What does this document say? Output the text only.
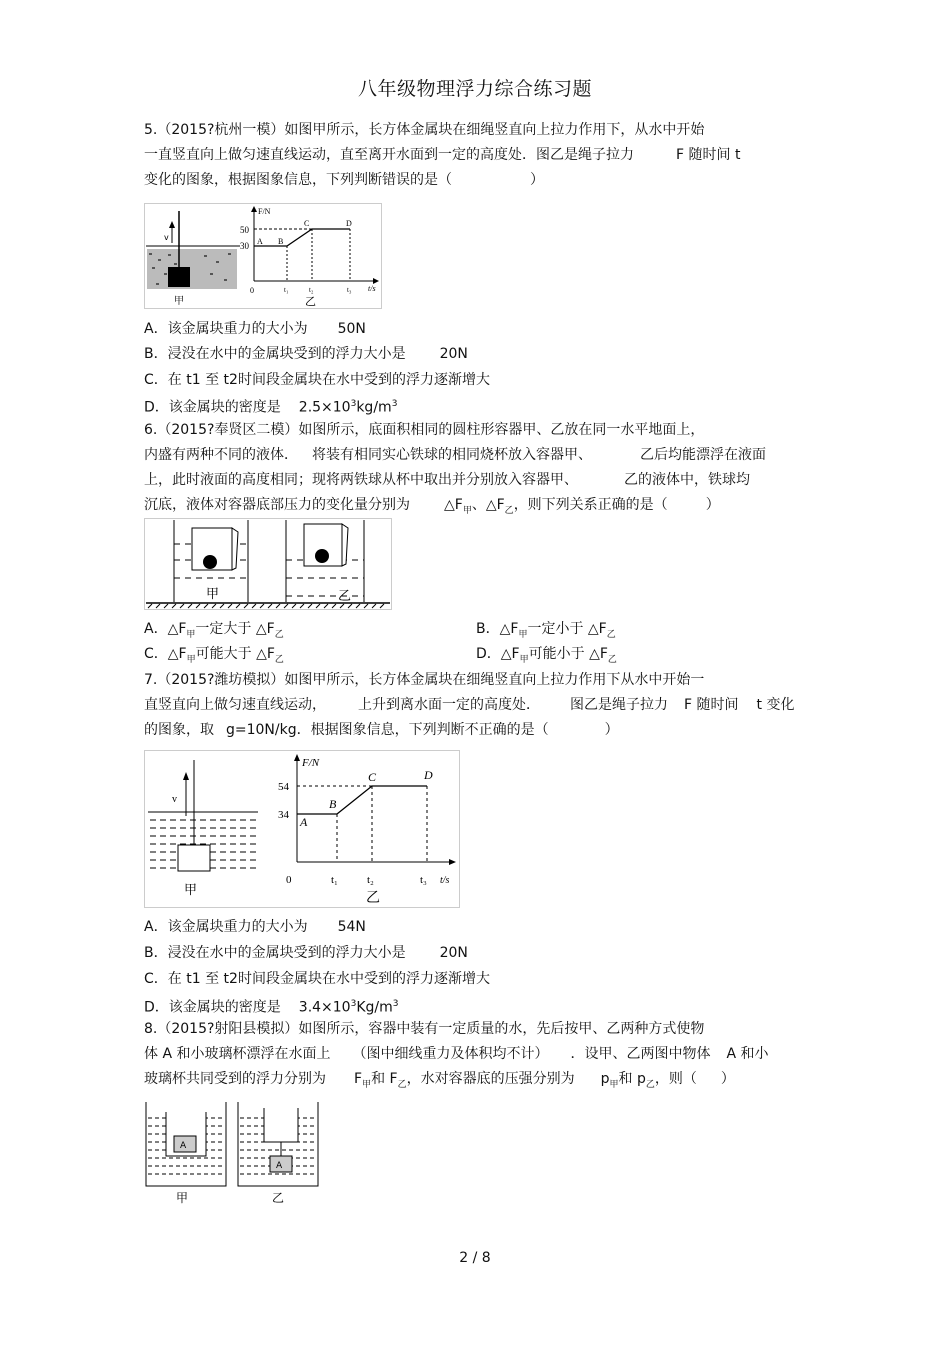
八年级物理浮力综合练习题
5.（2015?杭州一模）如图甲所示，长方体金属块在细绳竖直向上拉力作用下，从水中开始
一直竖直向上做匀速直线运动，直至离开水面到一定的高度处．图乙是绳子拉力	F 随时间 t
变化的图象，根据图象信息，下列判断错误的是（	）
v
甲
F/N
t/s
50
30
0
A B
C	D
t₁	t₂	t₃
乙
A．该金属块重力的大小为 50N
B．浸没在水中的金属块受到的浮力大小是 20N
C．在 t1 至 t2时间段金属块在水中受到的浮力逐渐增大
D．该金属块的密度是 $2.5\times 10^3kg/m^3$
6.（2015?奉贤区二模）如图所示，底面积相同的圆柱形容器甲、乙放在同一水平地面上，
内盛有两种不同的液体． 将装有相同实心铁球的相同烧杯放入容器甲、	乙后均能漂浮在液面
上，此时液面的高度相同；现将两铁球从杯中取出并分别放入容器甲、	乙的液体中，铁球均
沉底，液体对容器底部压力的变化量分别为 $\triangle F_甲$、$\triangle F_乙$，则下列关系正确的是（	）
甲	乙
A．$\triangle F_甲$一定大于 $\triangle F_乙$	B．$\triangle F_甲$一定小于 $\triangle F_乙$
C．$\triangle F_甲$可能大于 $\triangle F_乙$	D．$\triangle F_甲$可能小于 $\triangle F_乙$
7.（2015?潍坊模拟）如图甲所示，长方体金属块在细绳竖直向上拉力作用下从水中开始一
直竖直向上做匀速直线运动， 上升到离水面一定的高度处． 图乙是绳子拉力 F 随时间 t 变化
的图象，取 g=10N/kg．根据图象信息，下列判断不正确的是（	）
v
甲
F/N
t/s
54
34
0
A
B
C	D
t₁	t₂	t₃
乙
A．该金属块重力的大小为 54N
B．浸没在水中的金属块受到的浮力大小是 20N
C．在 t1 至 t2时间段金属块在水中受到的浮力逐渐增大
D．该金属块的密度是 $3.4\times 10^3Kg/m^3$
8.（2015?射阳县模拟）如图所示，容器中装有一定质量的水，先后按甲、乙两种方式使物
体 A 和小玻璃杯漂浮在水面上 （图中细线重力及体积均不计） ．设甲、乙两图中物体 A 和小
玻璃杯共同受到的浮力分别为 $F_甲$和 $F_乙$，水对容器底的压强分别为 $p_甲$和 $p_乙$，则（ ）
A
甲
A
乙
2 / 8
